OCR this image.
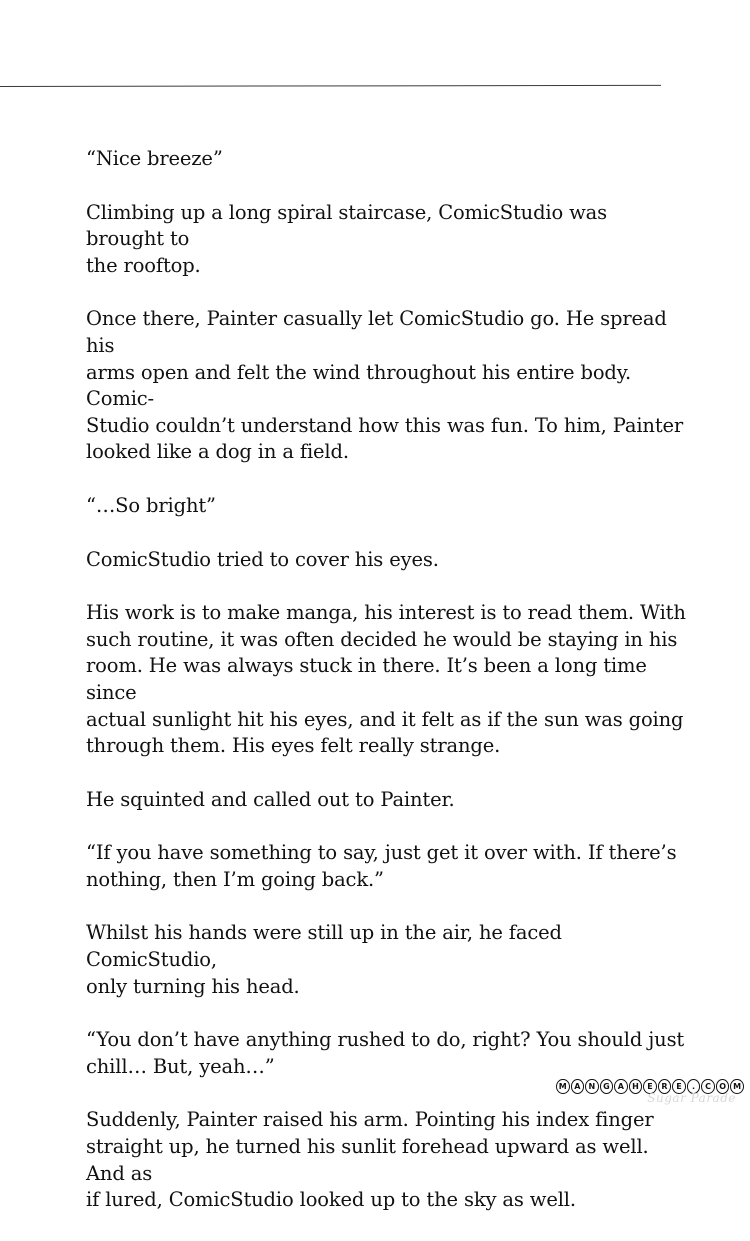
“Nice breeze”

Climbing up a long spiral staircase, ComicStudio was brought to
the rooftop.

Once there, Painter casually let ComicStudio go. He spread his
arms open and felt the wind throughout his entire body. Comic-
Studio couldn’t understand how this was fun. To him, Painter
looked like a dog in a field.

“…So bright”

ComicStudio tried to cover his eyes.

His work is to make manga, his interest is to read them. With
such routine, it was often decided he would be staying in his
room. He was always stuck in there. It’s been a long time since
actual sunlight hit his eyes, and it felt as if the sun was going
through them. His eyes felt really strange.

He squinted and called out to Painter.

“If you have something to say, just get it over with. If there’s
nothing, then I’m going back.”

Whilst his hands were still up in the air, he faced ComicStudio,
only turning his head.

“You don’t have anything rushed to do, right? You should just
chill… But, yeah…”

Suddenly, Painter raised his arm. Pointing his index finger
straight up, he turned his sunlit forehead upward as well. And as
if lured, ComicStudio looked up to the sky as well.

M A	N G	A	H	E	R	E	.	C	O M
Sugar Parade
